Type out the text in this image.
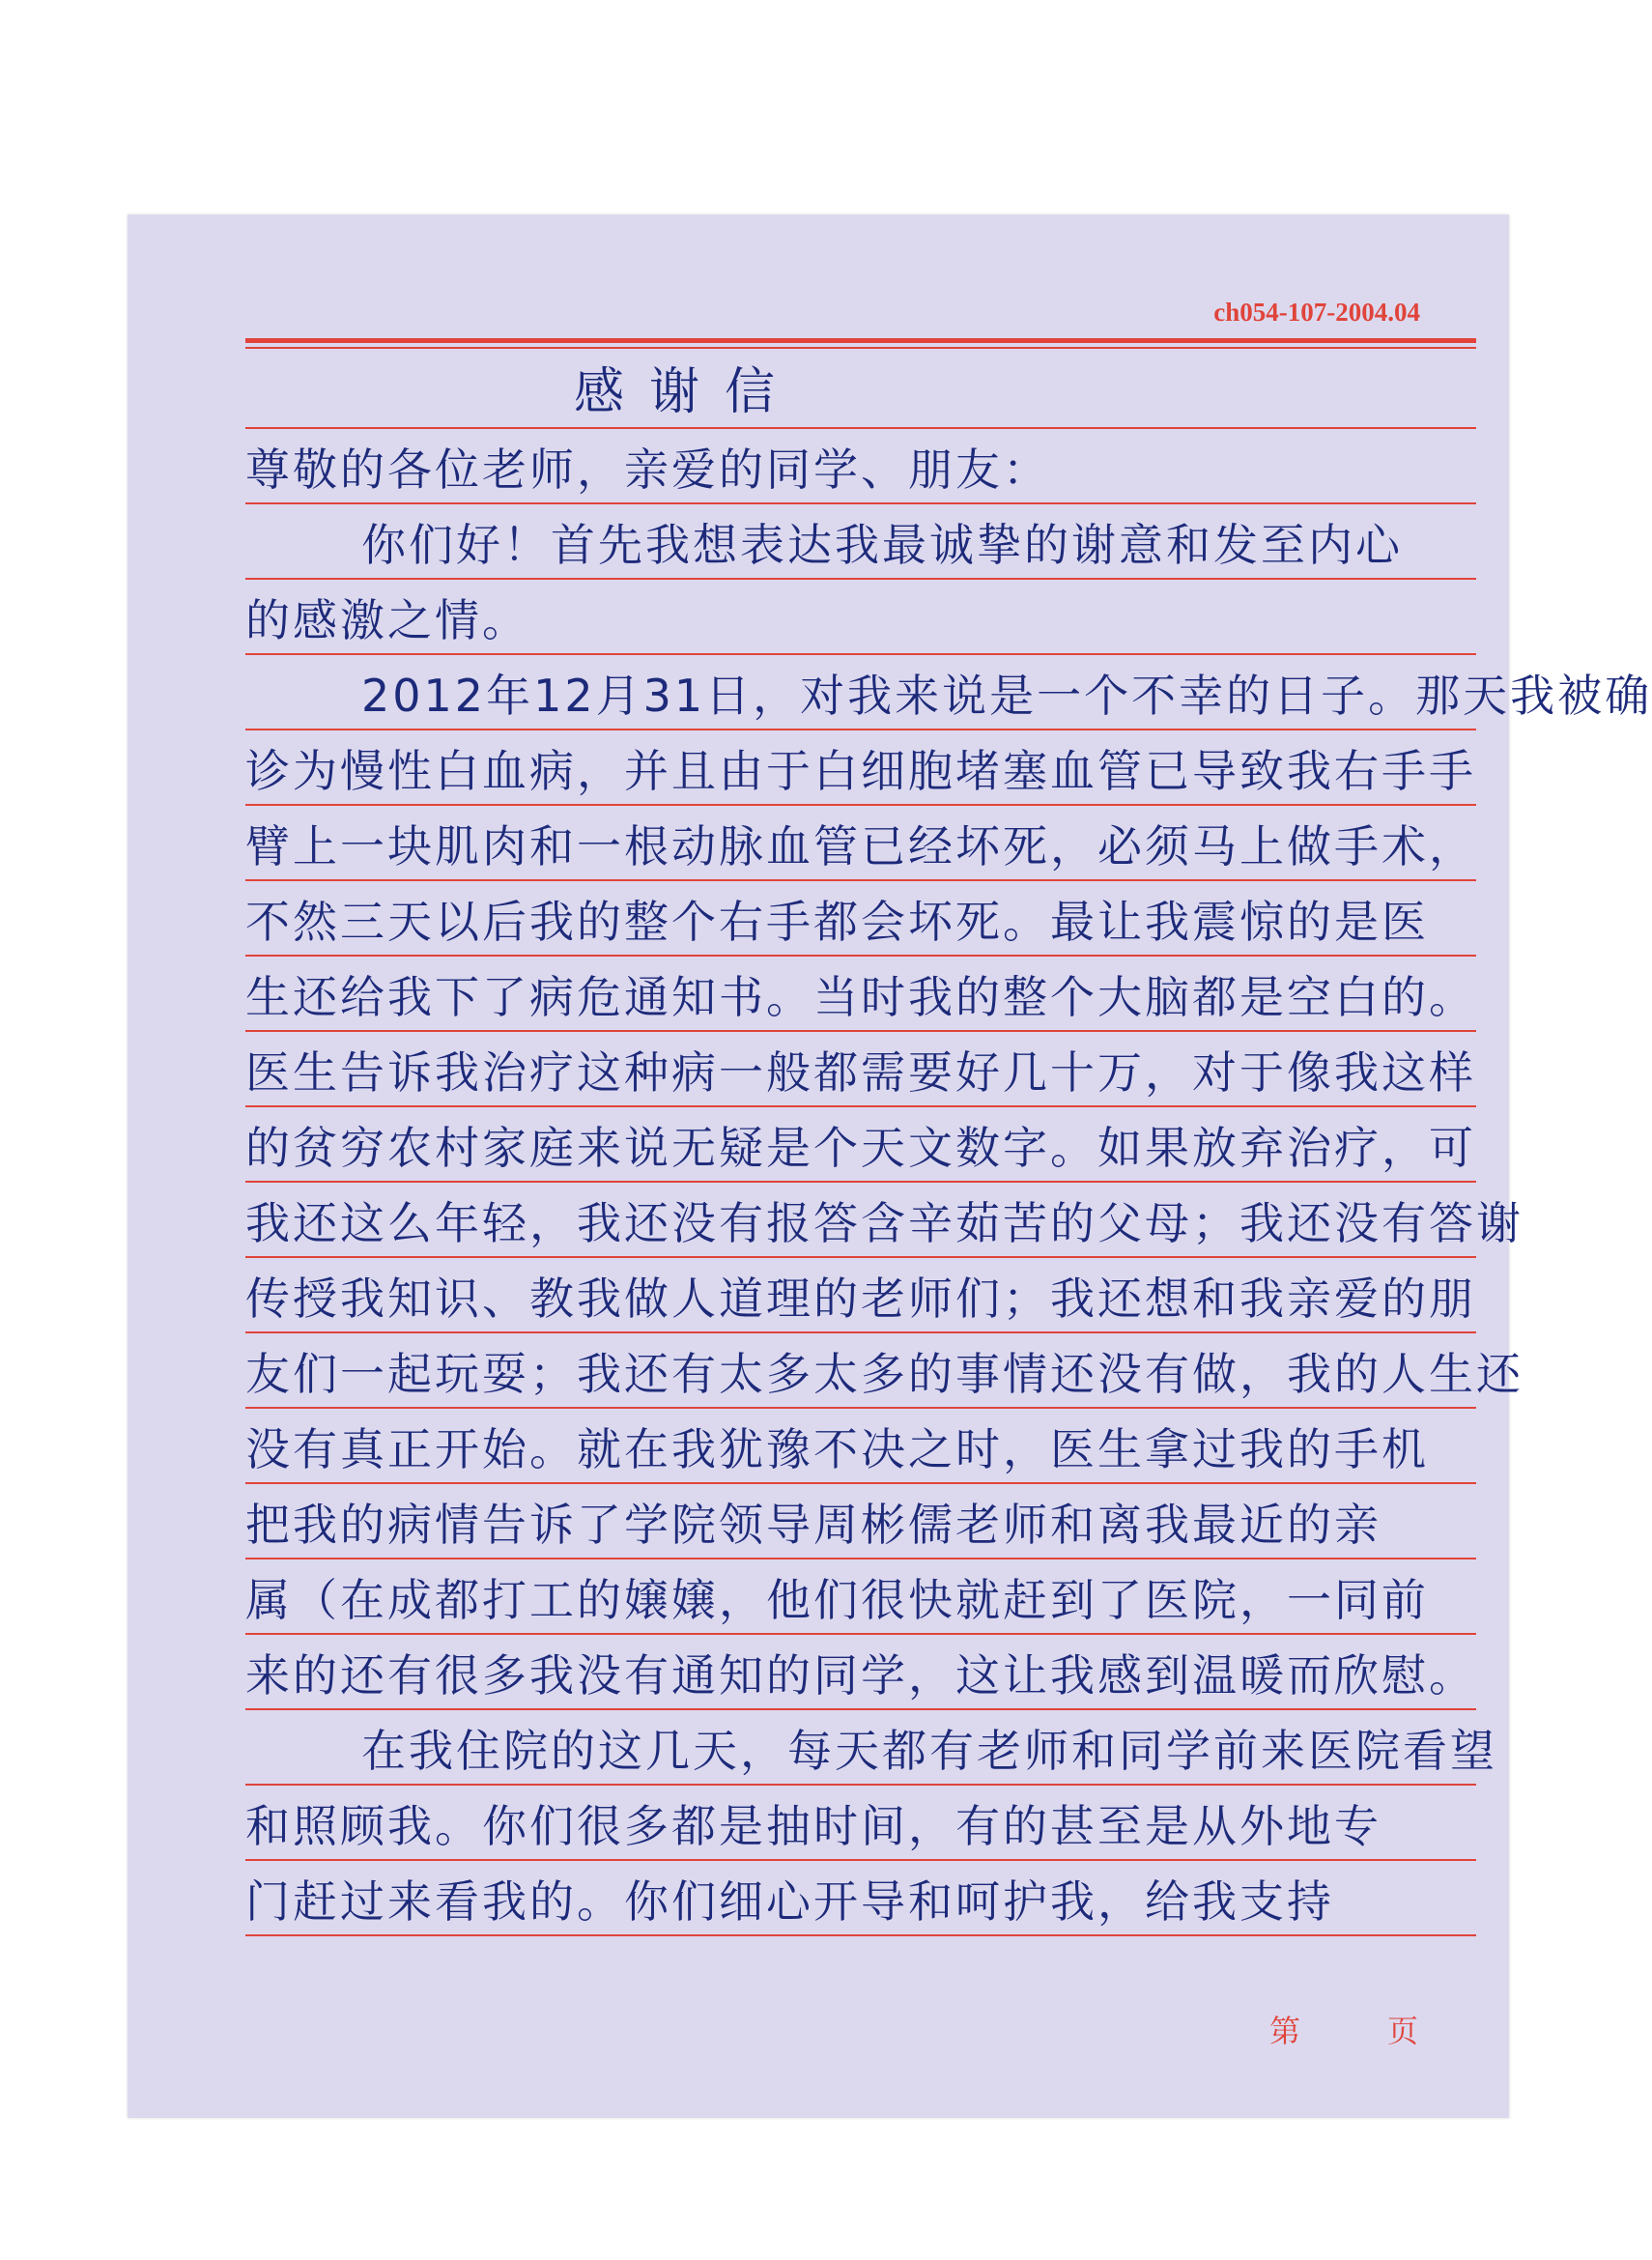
ch054-107-2004.04
感谢信
尊敬的各位老师，亲爱的同学、朋友：
你们好！首先我想表达我最诚挚的谢意和发至内心
的感激之情。
2012年12月31日，对我来说是一个不幸的日子。那天我被确
诊为慢性白血病，并且由于白细胞堵塞血管已导致我右手手
臂上一块肌肉和一根动脉血管已经坏死，必须马上做手术，
不然三天以后我的整个右手都会坏死。最让我震惊的是医
生还给我下了病危通知书。当时我的整个大脑都是空白的。
医生告诉我治疗这种病一般都需要好几十万，对于像我这样
的贫穷农村家庭来说无疑是个天文数字。如果放弃治疗，可
我还这么年轻，我还没有报答含辛茹苦的父母；我还没有答谢
传授我知识、教我做人道理的老师们；我还想和我亲爱的朋
友们一起玩耍；我还有太多太多的事情还没有做，我的人生还
没有真正开始。就在我犹豫不决之时，医生拿过我的手机
把我的病情告诉了学院领导周彬儒老师和离我最近的亲
属（在成都打工的嬢嬢，他们很快就赶到了医院，一同前
来的还有很多我没有通知的同学，这让我感到温暖而欣慰。
在我住院的这几天，每天都有老师和同学前来医院看望
和照顾我。你们很多都是抽时间，有的甚至是从外地专
门赶过来看我的。你们细心开导和呵护我，给我支持
第	页
